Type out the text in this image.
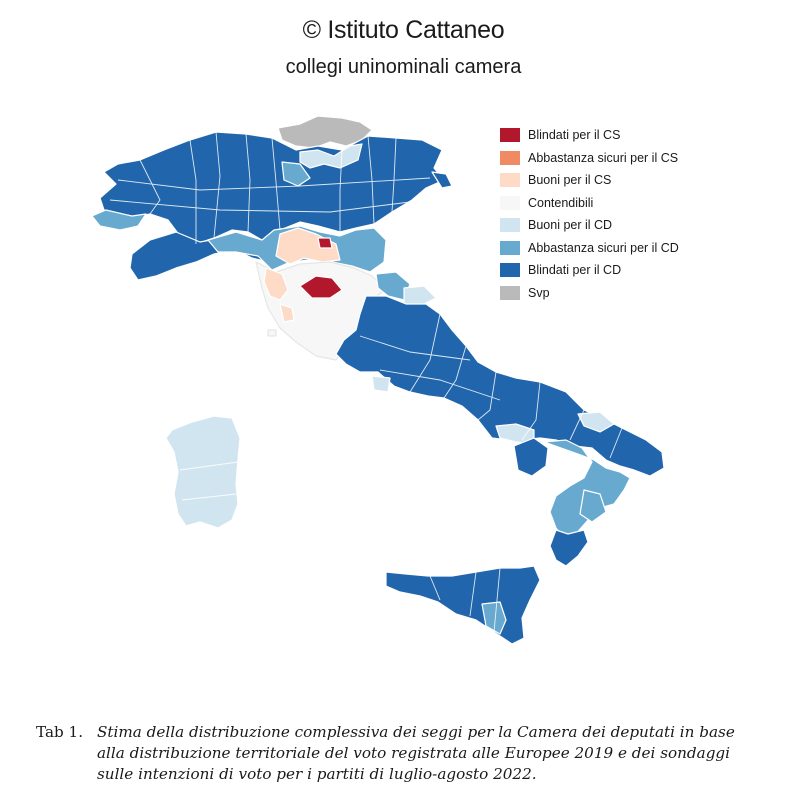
© Istituto Cattaneo
collegi uninominali camera
Blindati per il CS
Abbastanza sicuri per il CS
Buoni per il CS
Contendibili
Buoni per il CD
Abbastanza sicuri per il CD
Blindati per il CD
Svp
Tab 1. Stima della distribuzione complessiva dei seggi per la Camera dei deputati in base alla distribuzione territoriale del voto registrata alle Europee 2019 e dei sondaggi sulle intenzioni di voto per i partiti di luglio-agosto 2022.
